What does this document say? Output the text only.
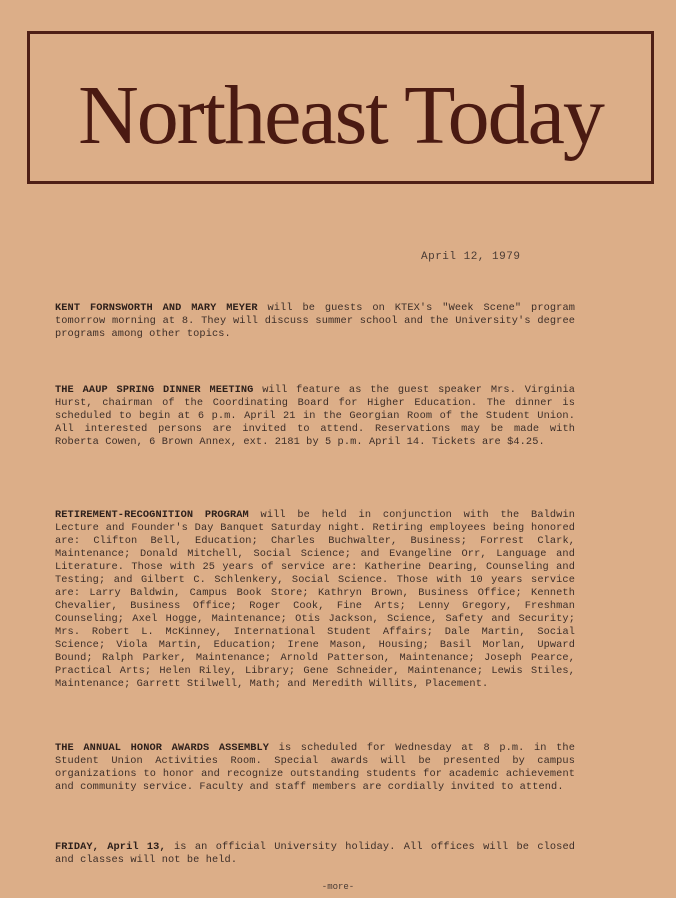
Northeast Today
April 12, 1979

KENT FORNSWORTH AND MARY MEYER will be guests on KTEX's "Week Scene" program tomorrow morning at 8. They will discuss summer school and the University's degree programs among other topics.

THE AAUP SPRING DINNER MEETING will feature as the guest speaker Mrs. Virginia Hurst, chairman of the Coordinating Board for Higher Education. The dinner is scheduled to begin at 6 p.m. April 21 in the Georgian Room of the Student Union. All interested persons are invited to attend. Reservations may be made with Roberta Cowen, 6 Brown Annex, ext. 2181 by 5 p.m. April 14. Tickets are $4.25.

RETIREMENT-RECOGNITION PROGRAM will be held in conjunction with the Baldwin Lecture and Founder's Day Banquet Saturday night. Retiring employees being honored are: Clifton Bell, Education; Charles Buchwalter, Business; Forrest Clark, Maintenance; Donald Mitchell, Social Science; and Evangeline Orr, Language and Literature. Those with 25 years of service are: Katherine Dearing, Counseling and Testing; and Gilbert C. Schlenkery, Social Science. Those with 10 years service are: Larry Baldwin, Campus Book Store; Kathryn Brown, Business Office; Kenneth Chevalier, Business Office; Roger Cook, Fine Arts; Lenny Gregory, Freshman Counseling; Axel Hogge, Maintenance; Otis Jackson, Science, Safety and Security; Mrs. Robert L. McKinney, International Student Affairs; Dale Martin, Social Science; Viola Martin, Education; Irene Mason, Housing; Basil Morlan, Upward Bound; Ralph Parker, Maintenance; Arnold Patterson, Maintenance; Joseph Pearce, Practical Arts; Helen Riley, Library; Gene Schneider, Maintenance; Lewis Stiles, Maintenance; Garrett Stilwell, Math; and Meredith Willits, Placement.

THE ANNUAL HONOR AWARDS ASSEMBLY is scheduled for Wednesday at 8 p.m. in the Student Union Activities Room. Special awards will be presented by campus organizations to honor and recognize outstanding students for academic achievement and community service. Faculty and staff members are cordially invited to attend.

FRIDAY, April 13, is an official University holiday. All offices will be closed and classes will not be held.

-more-
